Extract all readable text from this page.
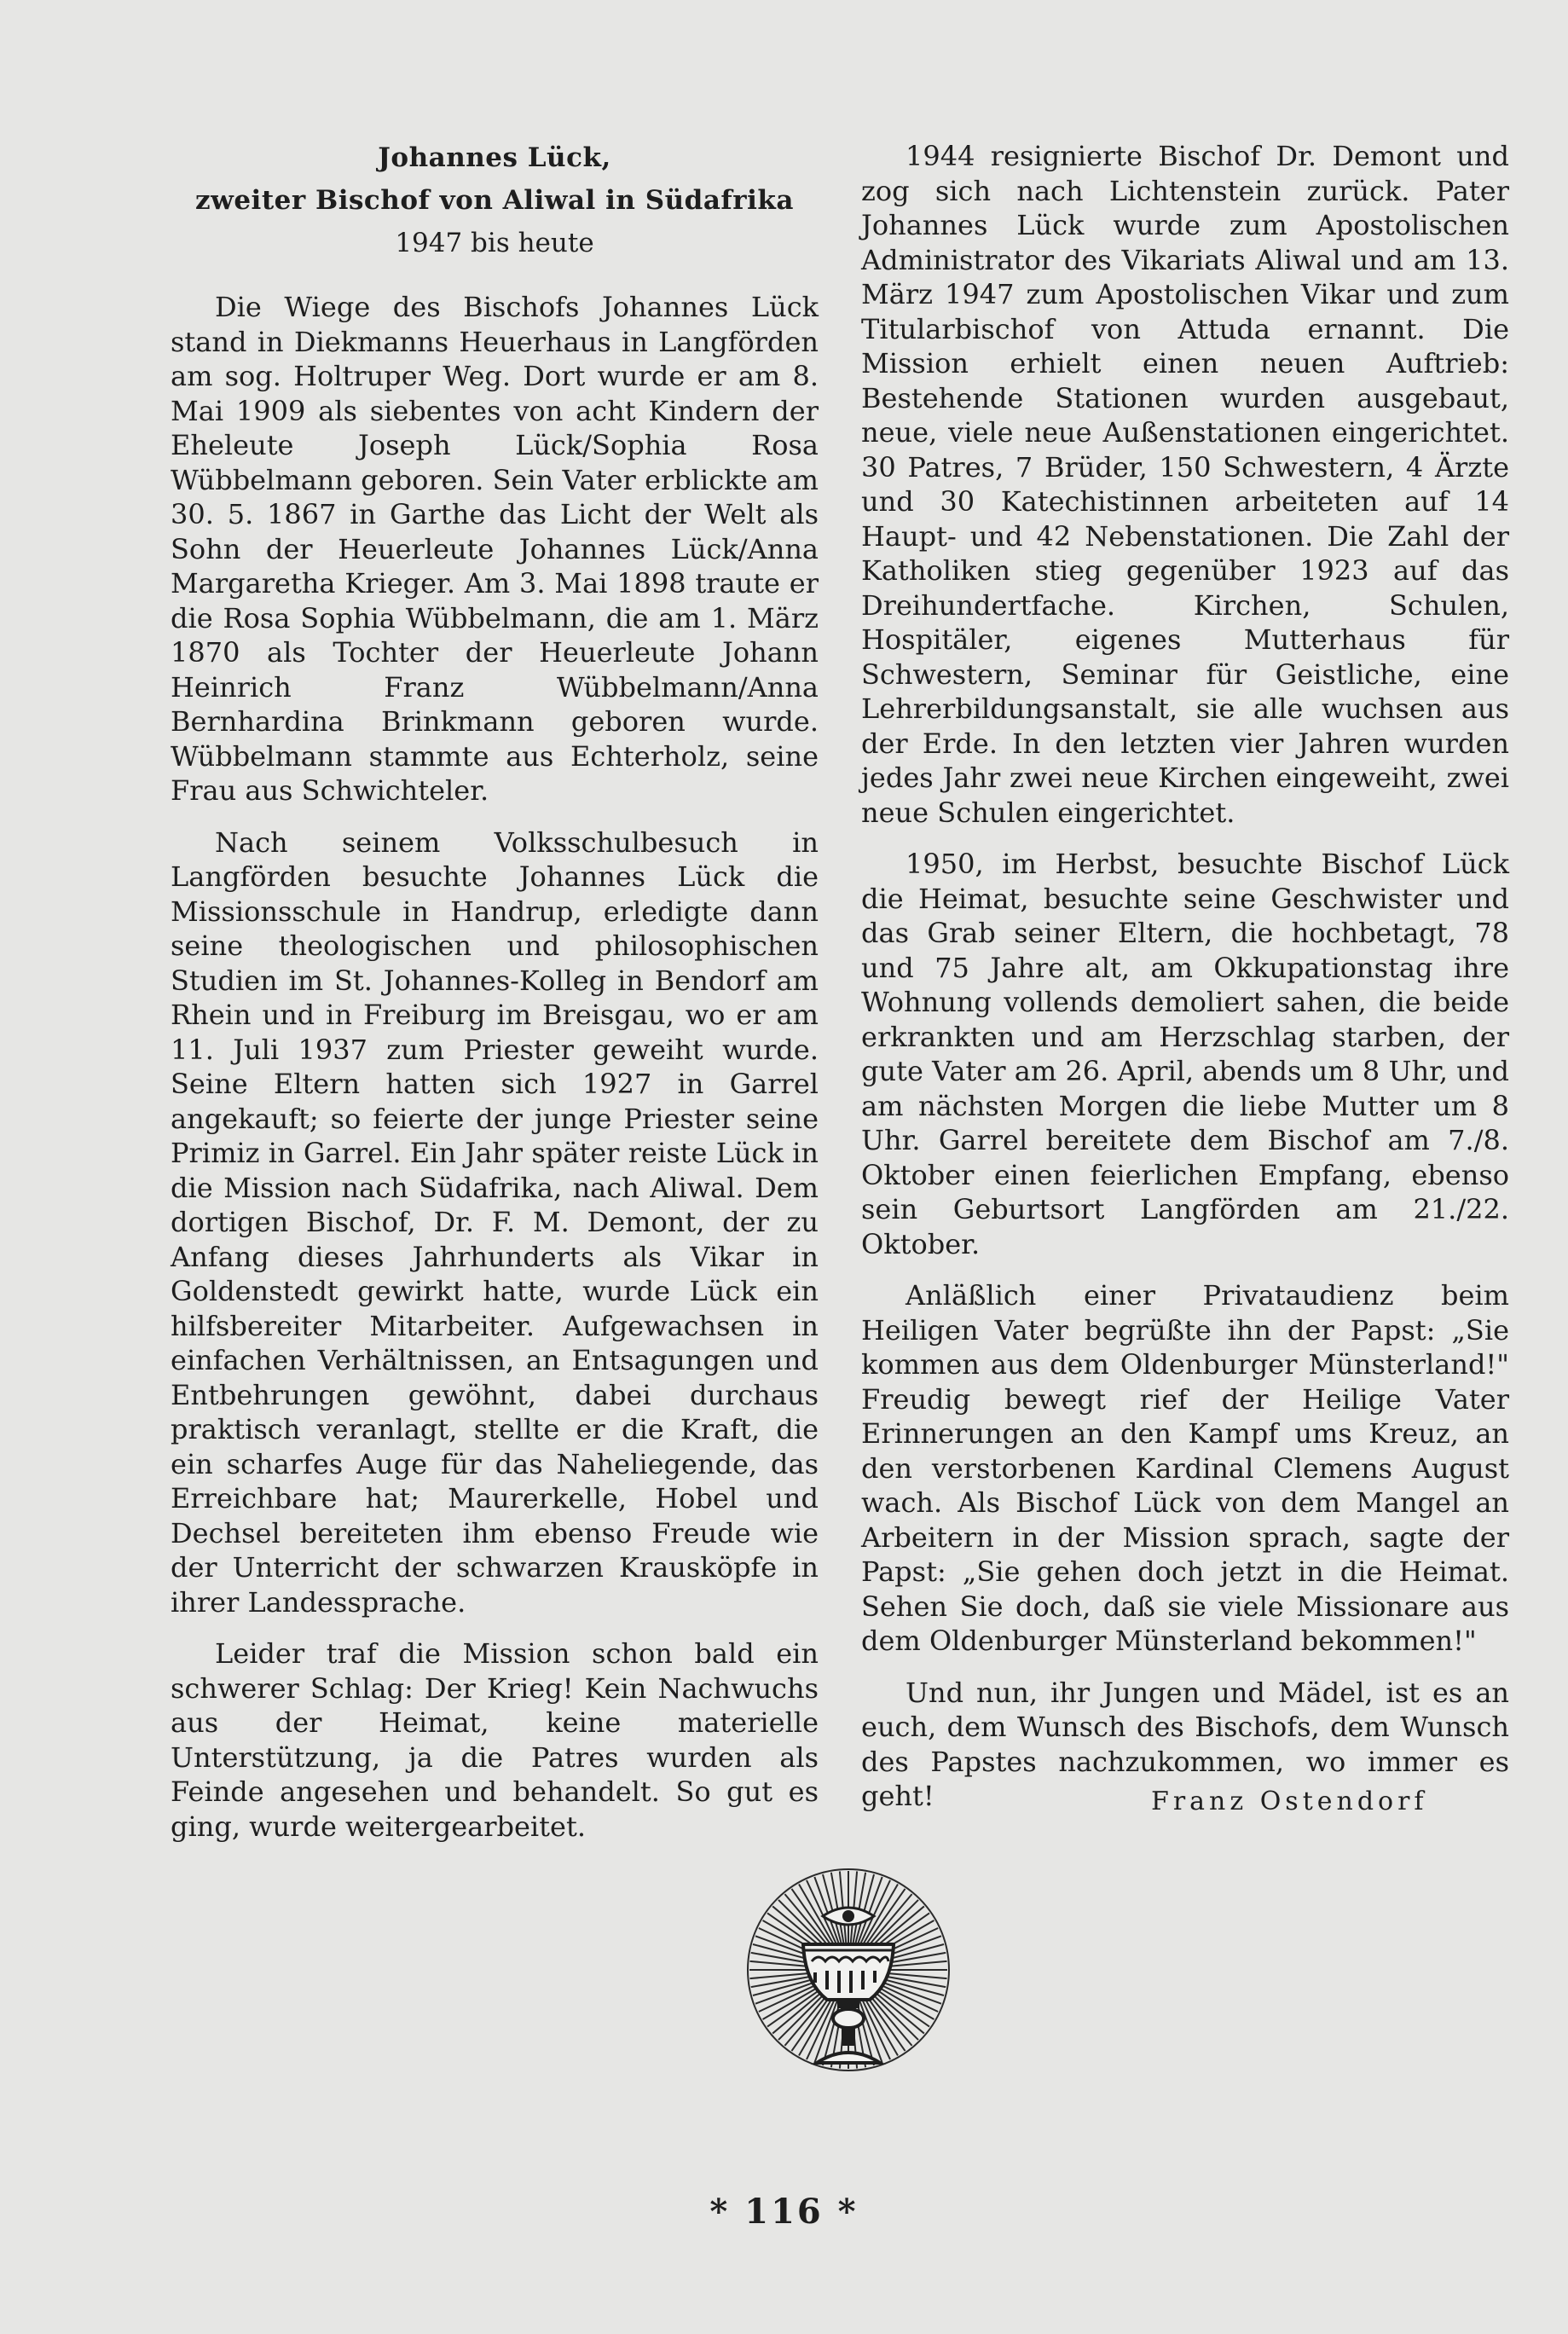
Johannes Lück,
zweiter Bischof von Aliwal in Südafrika
1947 bis heute

Die Wiege des Bischofs Johannes Lück stand in Diekmanns Heuerhaus in Langförden am sog. Holtruper Weg. Dort wurde er am 8. Mai 1909 als siebentes von acht Kindern der Eheleute Joseph Lück/Sophia Rosa Wübbelmann geboren. Sein Vater erblickte am 30. 5. 1867 in Garthe das Licht der Welt als Sohn der Heuerleute Johannes Lück/Anna Margaretha Krieger. Am 3. Mai 1898 traute er die Rosa Sophia Wübbelmann, die am 1. März 1870 als Tochter der Heuerleute Johann Heinrich Franz Wübbelmann/Anna Bernhardina Brinkmann geboren wurde. Wübbelmann stammte aus Echterholz, seine Frau aus Schwichteler.

Nach seinem Volksschulbesuch in Langförden besuchte Johannes Lück die Missionsschule in Handrup, erledigte dann seine theologischen und philosophischen Studien im St. Johannes-Kolleg in Bendorf am Rhein und in Freiburg im Breisgau, wo er am 11. Juli 1937 zum Priester geweiht wurde. Seine Eltern hatten sich 1927 in Garrel angekauft; so feierte der junge Priester seine Primiz in Garrel. Ein Jahr später reiste Lück in die Mission nach Südafrika, nach Aliwal. Dem dortigen Bischof, Dr. F. M. Demont, der zu Anfang dieses Jahrhunderts als Vikar in Goldenstedt gewirkt hatte, wurde Lück ein hilfsbereiter Mitarbeiter. Aufgewachsen in einfachen Verhältnissen, an Entsagungen und Entbehrungen gewöhnt, dabei durchaus praktisch veranlagt, stellte er die Kraft, die ein scharfes Auge für das Naheliegende, das Erreichbare hat; Maurerkelle, Hobel und Dechsel bereiteten ihm ebenso Freude wie der Unterricht der schwarzen Krausköpfe in ihrer Landessprache.

Leider traf die Mission schon bald ein schwerer Schlag: Der Krieg! Kein Nachwuchs aus der Heimat, keine materielle Unterstützung, ja die Patres wurden als Feinde angesehen und behandelt. So gut es ging, wurde weitergearbeitet.

1944 resignierte Bischof Dr. Demont und zog sich nach Lichtenstein zurück. Pater Johannes Lück wurde zum Apostolischen Administrator des Vikariats Aliwal und am 13. März 1947 zum Apostolischen Vikar und zum Titularbischof von Attuda ernannt. Die Mission erhielt einen neuen Auftrieb: Bestehende Stationen wurden ausgebaut, neue, viele neue Außenstationen eingerichtet. 30 Patres, 7 Brüder, 150 Schwestern, 4 Ärzte und 30 Katechistinnen arbeiteten auf 14 Haupt- und 42 Nebenstationen. Die Zahl der Katholiken stieg gegenüber 1923 auf das Dreihundertfache. Kirchen, Schulen, Hospitäler, eigenes Mutterhaus für Schwestern, Seminar für Geistliche, eine Lehrerbildungsanstalt, sie alle wuchsen aus der Erde. In den letzten vier Jahren wurden jedes Jahr zwei neue Kirchen eingeweiht, zwei neue Schulen eingerichtet.

1950, im Herbst, besuchte Bischof Lück die Heimat, besuchte seine Geschwister und das Grab seiner Eltern, die hochbetagt, 78 und 75 Jahre alt, am Okkupationstag ihre Wohnung vollends demoliert sahen, die beide erkrankten und am Herzschlag starben, der gute Vater am 26. April, abends um 8 Uhr, und am nächsten Morgen die liebe Mutter um 8 Uhr. Garrel bereitete dem Bischof am 7./8. Oktober einen feierlichen Empfang, ebenso sein Geburtsort Langförden am 21./22. Oktober.

Anläßlich einer Privataudienz beim Heiligen Vater begrüßte ihn der Papst: „Sie kommen aus dem Oldenburger Münsterland!" Freudig bewegt rief der Heilige Vater Erinnerungen an den Kampf ums Kreuz, an den verstorbenen Kardinal Clemens August wach. Als Bischof Lück von dem Mangel an Arbeitern in der Mission sprach, sagte der Papst: „Sie gehen doch jetzt in die Heimat. Sehen Sie doch, daß sie viele Missionare aus dem Oldenburger Münsterland bekommen!"

Und nun, ihr Jungen und Mädel, ist es an euch, dem Wunsch des Bischofs, dem Wunsch des Papstes nachzukommen, wo immer es geht!	Franz Ostendorf
* 116 *
